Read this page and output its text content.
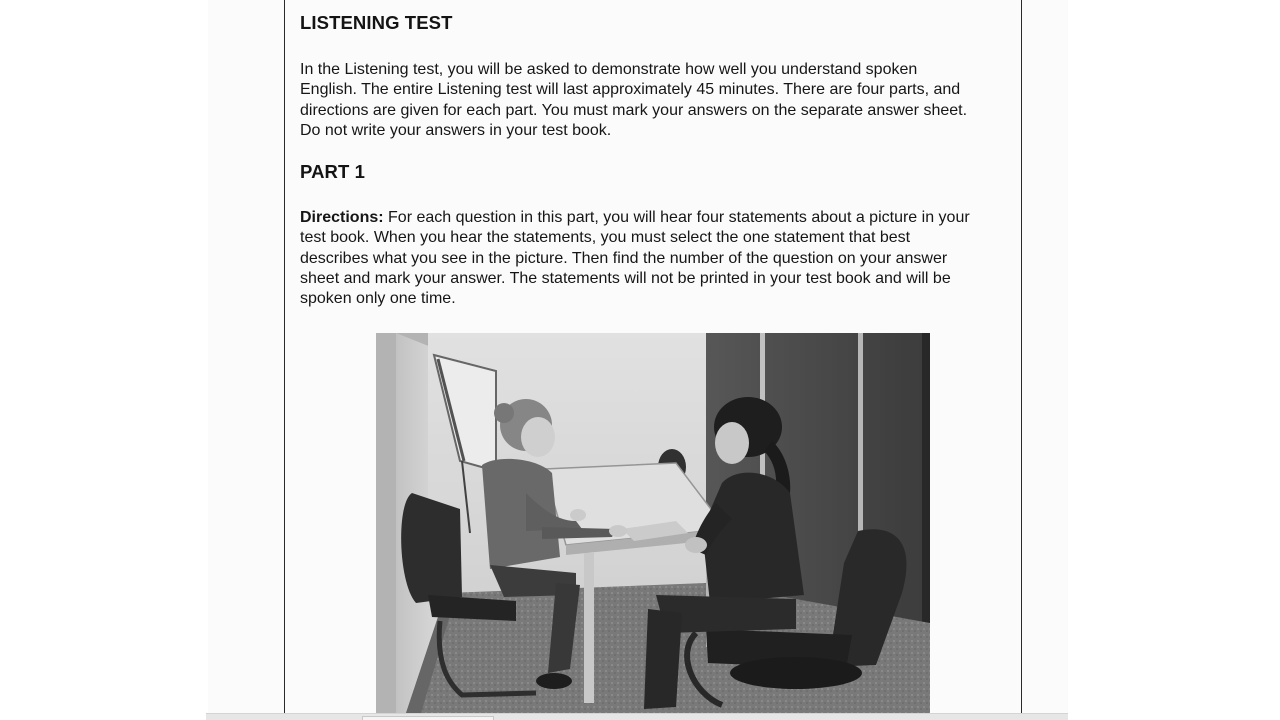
LISTENING TEST

In the Listening test, you will be asked to demonstrate how well you understand spoken
English. The entire Listening test will last approximately 45 minutes. There are four parts, and
directions are given for each part. You must mark your answers on the separate answer sheet.
Do not write your answers in your test book.

PART 1

Directions: For each question in this part, you will hear four statements about a picture in your
test book. When you hear the statements, you must select the one statement that best
describes what you see in the picture. Then find the number of the question on your answer
sheet and mark your answer. The statements will not be printed in your test book and will be
spoken only one time.
